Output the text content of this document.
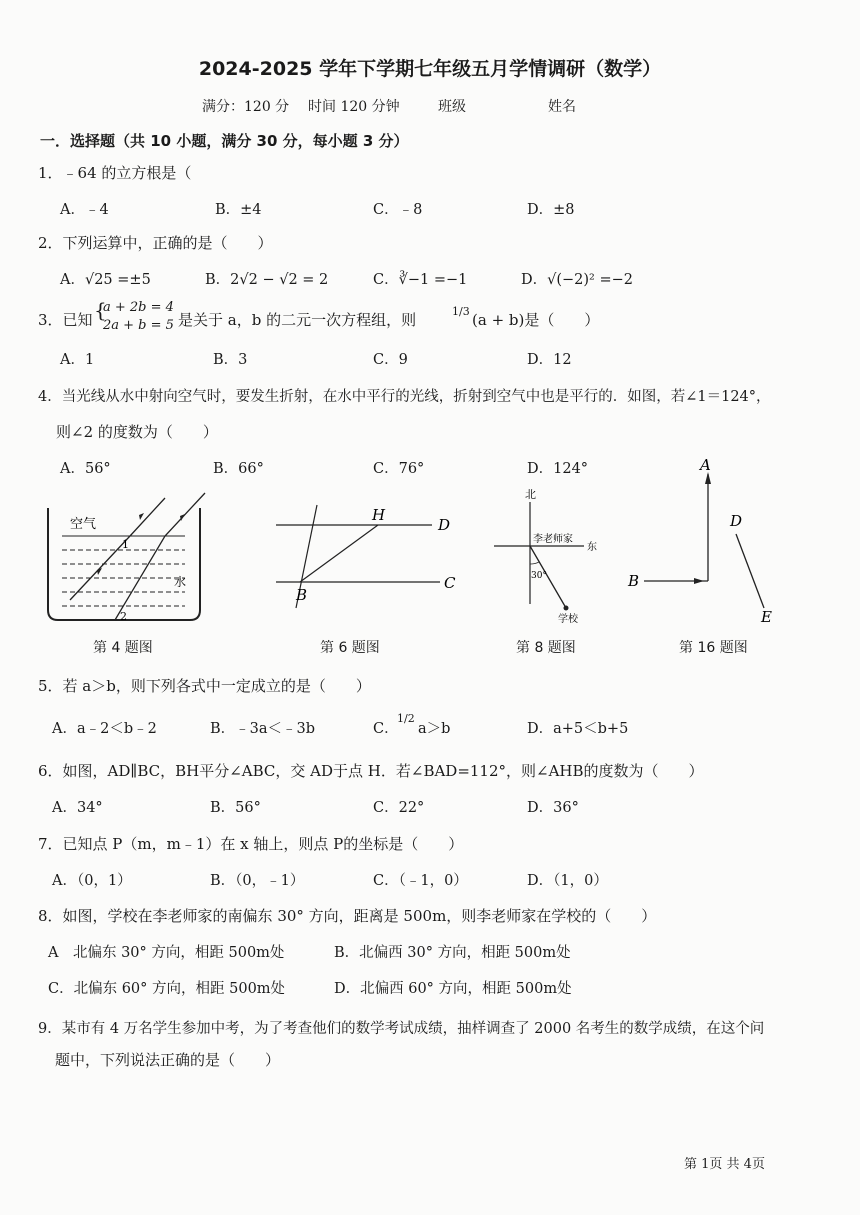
2024-2025 学年下学期七年级五月学情调研（数学）
满分：120 分 时间 120 分钟	班级	姓名
一．选择题（共 10 小题，满分 30 分，每小题 3 分）
1．﹣64 的立方根是（
A．﹣4	B．±4	C．﹣8	D．±8
2．下列运算中，正确的是（　　）
A．√25 =±5	B．2√2 − √2 = 2	C．∛−1 =−1	D．√(−2)² =−2
3．已知 {
a + 2b = 4
2a + b = 5 是关于 a，b 的二元一次方程组，则	1/3 (a + b)是（　　）
A．1	B．3	C．9	D．12
4．当光线从水中射向空气时，要发生折射，在水中平行的光线，折射到空气中也是平行的．如图，若∠1＝124°，
则∠2 的度数为（　　）
A．56°	B．66°	C．76°	D．124°
空气
水
1
2
H
D
B
C
北
东
李老师家
30°
学校
A
B
D
E
第 4 题图	第 6 题图	第 8 题图	第 16 题图
5．若 a＞b，则下列各式中一定成立的是（　　）
A．a﹣2＜b﹣2	B．﹣3a＜﹣3b	C．
1/2
a＞b	D．a+5＜b+5
6．如图，AD∥BC，BH平分∠ABC，交 AD于点 H．若∠BAD=112°，则∠AHB的度数为（　　）
A．34°	B．56°	C．22°	D．36°
7．已知点 P（m，m﹣1）在 x 轴上，则点 P的坐标是（　　）
A．（0，1）	B．（0，﹣1）	C．（﹣1，0）	D．（1，0）
8．如图，学校在李老师家的南偏东 30° 方向，距离是 500m，则李老师家在学校的（　　）
A　北偏东 30° 方向，相距 500m处	B．北偏西 30° 方向，相距 500m处
C．北偏东 60° 方向，相距 500m处	D．北偏西 60° 方向，相距 500m处
9．某市有 4 万名学生参加中考，为了考查他们的数学考试成绩，抽样调查了 2000 名考生的数学成绩，在这个问
题中，下列说法正确的是（　　）
第 1页 共 4页
